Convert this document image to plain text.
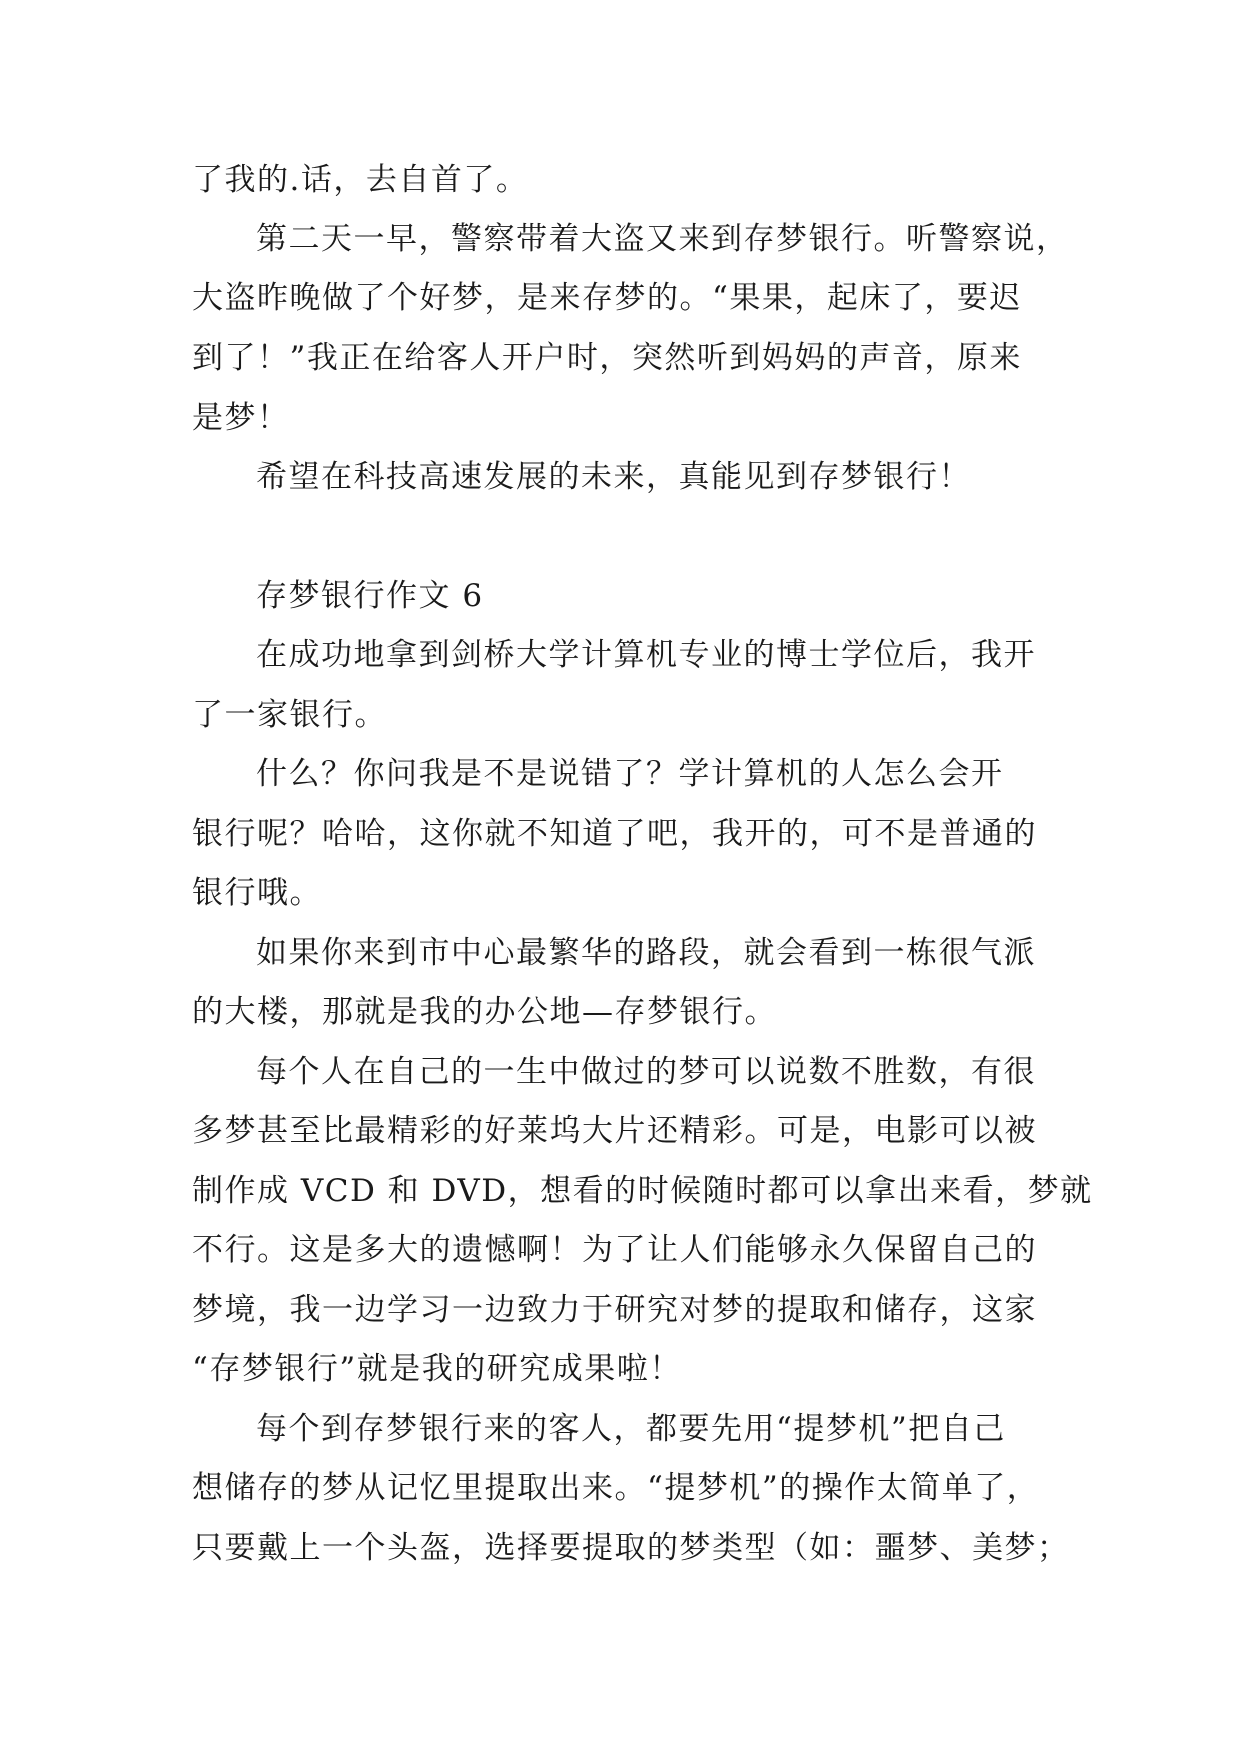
了我的.话，去自首了。
第二天一早，警察带着大盗又来到存梦银行。听警察说，
大盗昨晚做了个好梦，是来存梦的。“果果，起床了，要迟
到了！”我正在给客人开户时，突然听到妈妈的声音，原来
是梦！
希望在科技高速发展的未来，真能见到存梦银行！
存梦银行作文 6
在成功地拿到剑桥大学计算机专业的博士学位后，我开
了一家银行。
什么？你问我是不是说错了？学计算机的人怎么会开
银行呢？哈哈，这你就不知道了吧，我开的，可不是普通的
银行哦。
如果你来到市中心最繁华的路段，就会看到一栋很气派
的大楼，那就是我的办公地—存梦银行。
每个人在自己的一生中做过的梦可以说数不胜数，有很
多梦甚至比最精彩的好莱坞大片还精彩。可是，电影可以被
制作成 VCD 和 DVD，想看的时候随时都可以拿出来看，梦就
不行。这是多大的遗憾啊！为了让人们能够永久保留自己的
梦境，我一边学习一边致力于研究对梦的提取和储存，这家
“存梦银行”就是我的研究成果啦！
每个到存梦银行来的客人，都要先用“提梦机”把自己
想储存的梦从记忆里提取出来。“提梦机”的操作太简单了，
只要戴上一个头盔，选择要提取的梦类型（如：噩梦、美梦；
